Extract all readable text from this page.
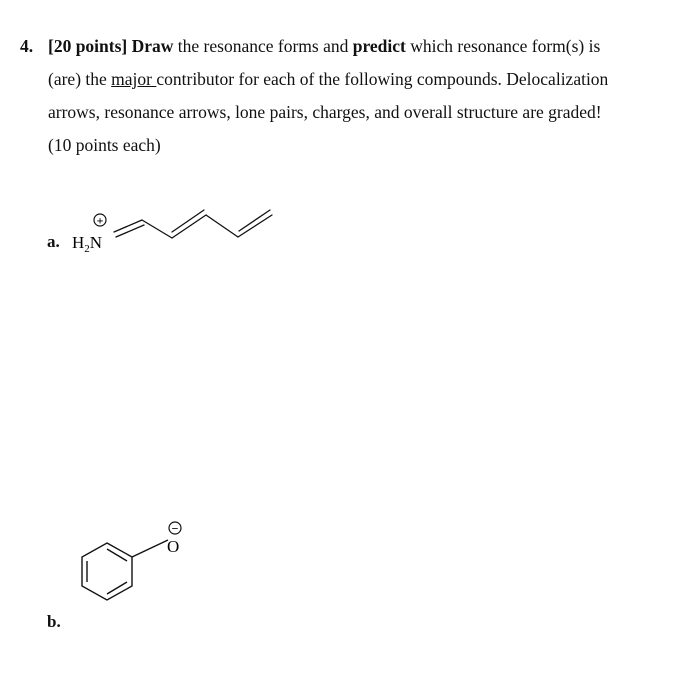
4. [20 points] Draw the resonance forms and predict which resonance form(s) is
(are) the major contributor for each of the following compounds. Delocalization
arrows, resonance arrows, lone pairs, charges, and overall structure are graded!
(10 points each)
a.
b.
$H_2N$
+
O
−
